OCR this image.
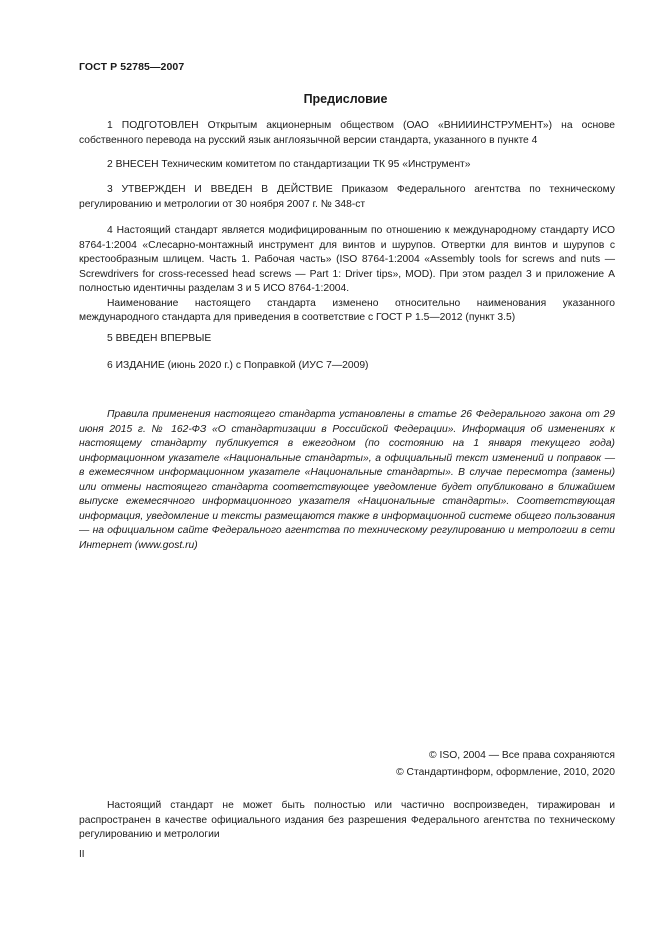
ГОСТ Р 52785—2007
Предисловие

1 ПОДГОТОВЛЕН Открытым акционерным обществом (ОАО «ВНИИИНСТРУМЕНТ») на основе собственного перевода на русский язык англоязычной версии стандарта, указанного в пункте 4

2 ВНЕСЕН Техническим комитетом по стандартизации ТК 95 «Инструмент»

3 УТВЕРЖДЕН И ВВЕДЕН В ДЕЙСТВИЕ Приказом Федерального агентства по техническому регулированию и метрологии от 30 ноября 2007 г. № 348-ст

4 Настоящий стандарт является модифицированным по отношению к международному стандарту ИСО 8764-1:2004 «Слесарно-монтажный инструмент для винтов и шурупов. Отвертки для винтов и шурупов с крестообразным шлицем. Часть 1. Рабочая часть» (ISO 8764-1:2004 «Assembly tools for screws and nuts — Screwdrivers for cross-recessed head screws — Part 1: Driver tips», MOD). При этом раздел 3 и приложение А полностью идентичны разделам 3 и 5 ИСО 8764-1:2004.

Наименование настоящего стандарта изменено относительно наименования указанного международного стандарта для приведения в соответствие с ГОСТ Р 1.5—2012 (пункт 3.5)

5 ВВЕДЕН ВПЕРВЫЕ

6 ИЗДАНИЕ (июнь 2020 г.) с Поправкой (ИУС 7—2009)

Правила применения настоящего стандарта установлены в статье 26 Федерального закона от 29 июня 2015 г. № 162-ФЗ «О стандартизации в Российской Федерации». Информация об изменениях к настоящему стандарту публикуется в ежегодном (по состоянию на 1 января текущего года) информационном указателе «Национальные стандарты», а официальный текст изменений и поправок — в ежемесячном информационном указателе «Национальные стандарты». В случае пересмотра (замены) или отмены настоящего стандарта соответствующее уведомление будет опубликовано в ближайшем выпуске ежемесячного информационного указателя «Национальные стандарты». Соответствующая информация, уведомление и тексты размещаются также в информационной системе общего пользования — на официальном сайте Федерального агентства по техническому регулированию и метрологии в сети Интернет (www.gost.ru)

© ISO, 2004 — Все права сохраняются
© Стандартинформ, оформление, 2010, 2020

Настоящий стандарт не может быть полностью или частично воспроизведен, тиражирован и распространен в качестве официального издания без разрешения Федерального агентства по техническому регулированию и метрологии

II
